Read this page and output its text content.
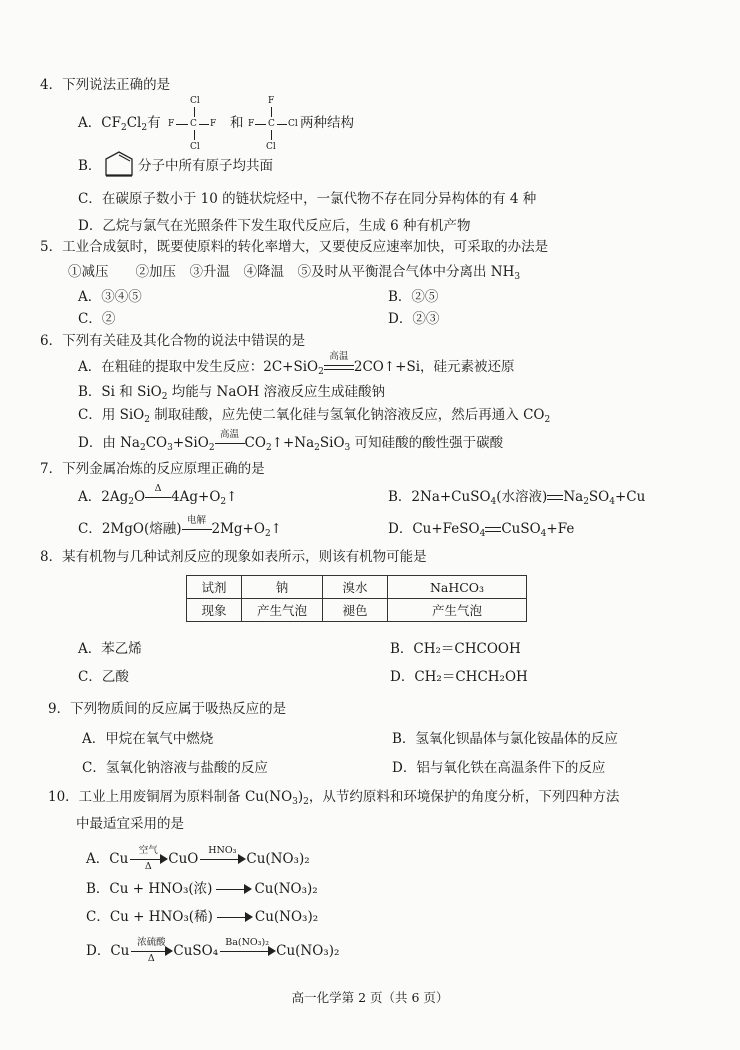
4．下列说法正确的是
Cl
F C F
Cl
F
F C Cl
Cl
A．$CF_2Cl_2$有	和	两种结构
B．	分子中所有原子均共面
C．在碳原子数小于 10 的链状烷烃中，一氯代物不存在同分异构体的有 4 种
D．乙烷与氯气在光照条件下发生取代反应后，生成 6 种有机产物
5．工业合成氨时，既要使原料的转化率增大，又要使反应速率加快，可采取的办法是
①减压　　②加压　③升温　④降温　⑤及时从平衡混合气体中分离出 $NH_3$
A．③④⑤	B．②⑤
C．②	D．②③
6．下列有关硅及其化合物的说法中错误的是
A．在粗硅的提取中发生反应：2C+SiO$_2$
高温
2CO↑+Si，硅元素被还原
B．Si 和 SiO$_2$ 均能与 NaOH 溶液反应生成硅酸钠
C．用 SiO$_2$ 制取硅酸，应先使二氧化硅与氢氧化钠溶液反应，然后再通入 $CO_2$
D．由 $Na_2CO_3+SiO_2$
高温
$CO_2↑+Na_2SiO_3$ 可知硅酸的酸性强于碳酸
7．下列金属冶炼的反应原理正确的是
A．$2Ag_2O$
Δ
$4Ag+O_2↑$	B．2Na+CuSO$_4$(水溶液) $Na_2SO_4+Cu$
C．2MgO(熔融)
电解
$2Mg+O_2↑$	D．Cu+FeSO$_4$ CuSO$_4$+Fe
8．某有机物与几种试剂反应的现象如表所示，则该有机物可能是
试剂	钠	溴水	NaHCO₃
现象	产生气泡	褪色	产生气泡
A．苯乙烯	B．CH₂＝CHCOOH
C．乙酸	D．CH₂＝CHCH₂OH
9．下列物质间的反应属于吸热反应的是
A．甲烷在氧气中燃烧	B．氢氧化钡晶体与氯化铵晶体的反应
C．氢氧化钠溶液与盐酸的反应	D．铝与氧化铁在高温条件下的反应
10．工业上用废铜屑为原料制备 $Cu(NO_3)_2$，从节约原料和环境保护的角度分析，下列四种方法
中最适宜采用的是
A．Cu
空气
Δ	CuO
HNO₃
Cu(NO₃)₂
B．Cu + HNO₃(浓)	Cu(NO₃)₂
C．Cu + HNO₃(稀)	Cu(NO₃)₂
D．Cu
浓硫酸
Δ	CuSO₄
Ba(NO₃)₂
Cu(NO₃)₂
高一化学第 2 页（共 6 页）
